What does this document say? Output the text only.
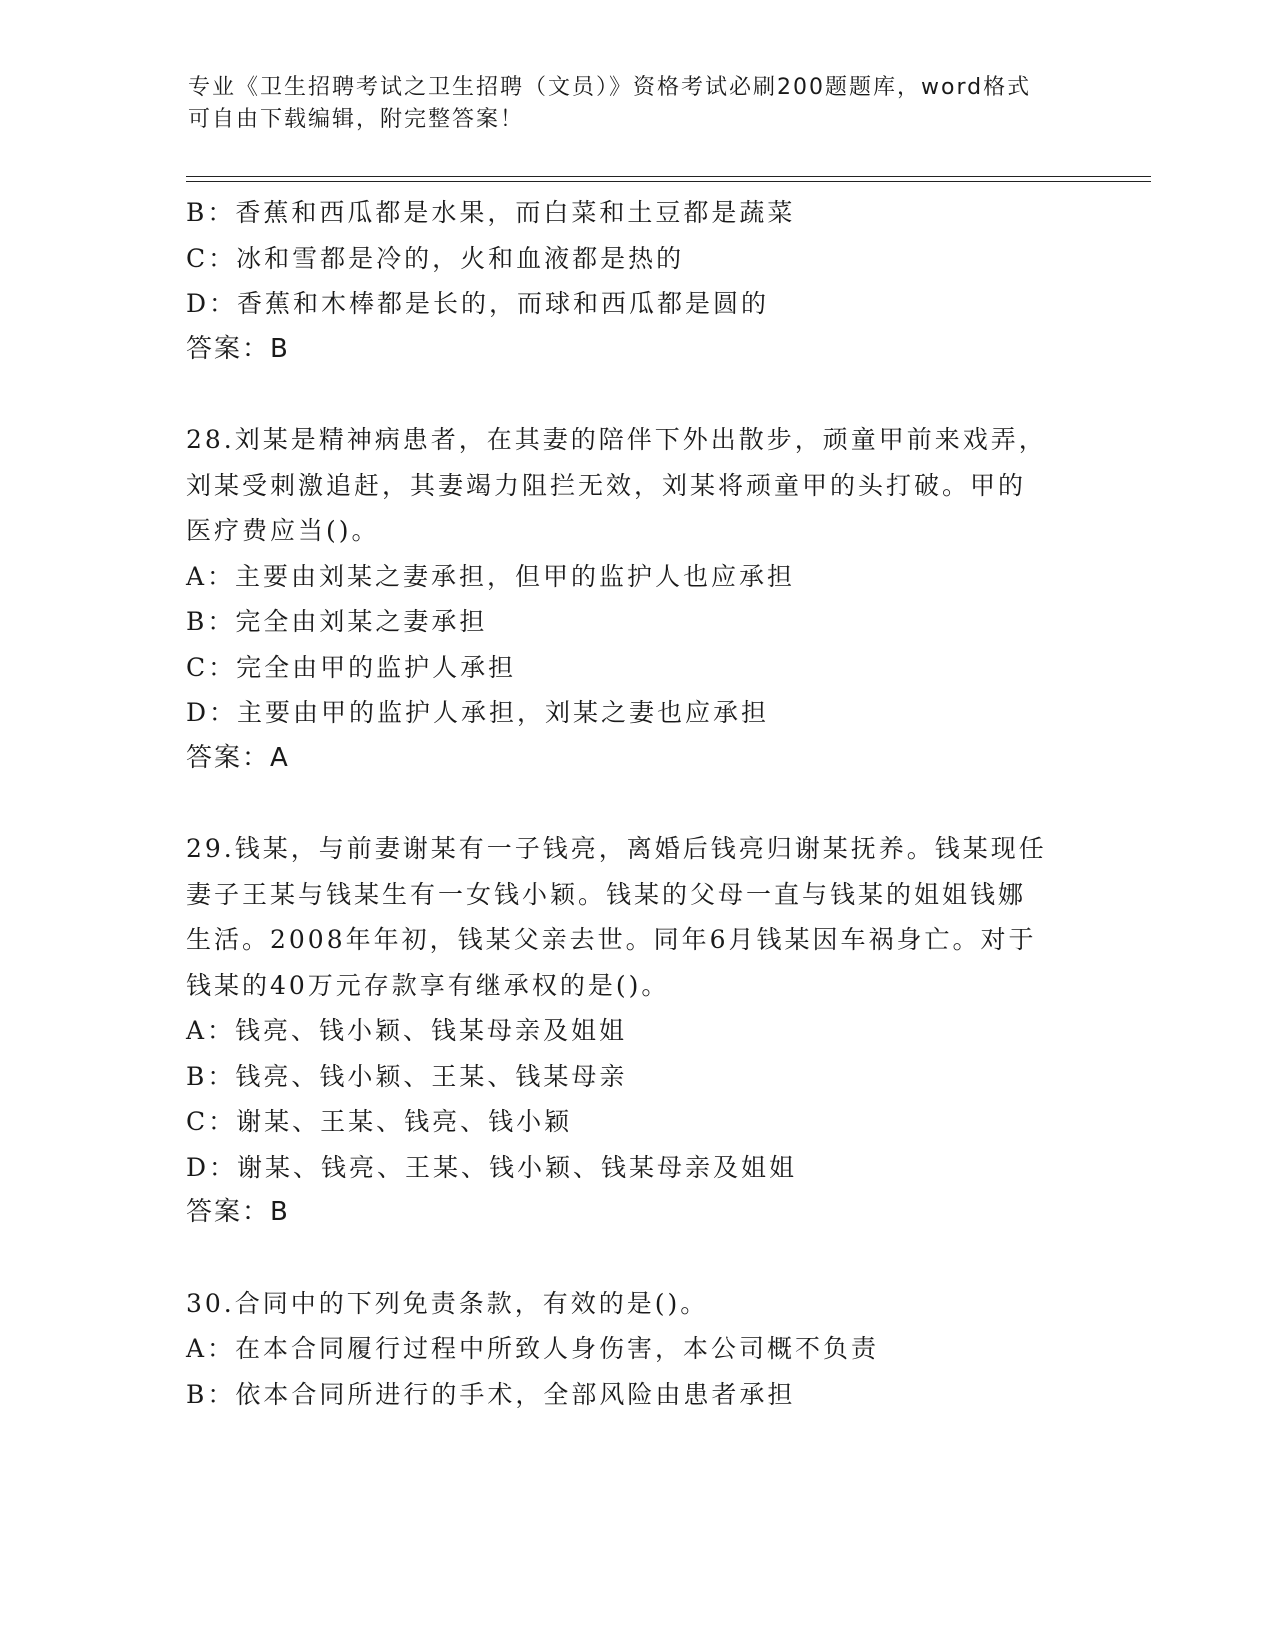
专业《卫生招聘考试之卫生招聘（文员）》资格考试必刷200题题库，word格式
可自由下载编辑，附完整答案！
B：香蕉和西瓜都是水果，而白菜和土豆都是蔬菜
C：冰和雪都是冷的，火和血液都是热的
D：香蕉和木棒都是长的，而球和西瓜都是圆的
答案：B
28.刘某是精神病患者，在其妻的陪伴下外出散步，顽童甲前来戏弄，
刘某受刺激追赶，其妻竭力阻拦无效，刘某将顽童甲的头打破。甲的
医疗费应当()。
A：主要由刘某之妻承担，但甲的监护人也应承担
B：完全由刘某之妻承担
C：完全由甲的监护人承担
D：主要由甲的监护人承担，刘某之妻也应承担
答案：A
29.钱某，与前妻谢某有一子钱亮，离婚后钱亮归谢某抚养。钱某现任
妻子王某与钱某生有一女钱小颖。钱某的父母一直与钱某的姐姐钱娜
生活。2008年年初，钱某父亲去世。同年6月钱某因车祸身亡。对于
钱某的40万元存款享有继承权的是()。
A：钱亮、钱小颖、钱某母亲及姐姐
B：钱亮、钱小颖、王某、钱某母亲
C：谢某、王某、钱亮、钱小颖
D：谢某、钱亮、王某、钱小颖、钱某母亲及姐姐
答案：B
30.合同中的下列免责条款，有效的是()。
A：在本合同履行过程中所致人身伤害，本公司概不负责
B：依本合同所进行的手术，全部风险由患者承担
